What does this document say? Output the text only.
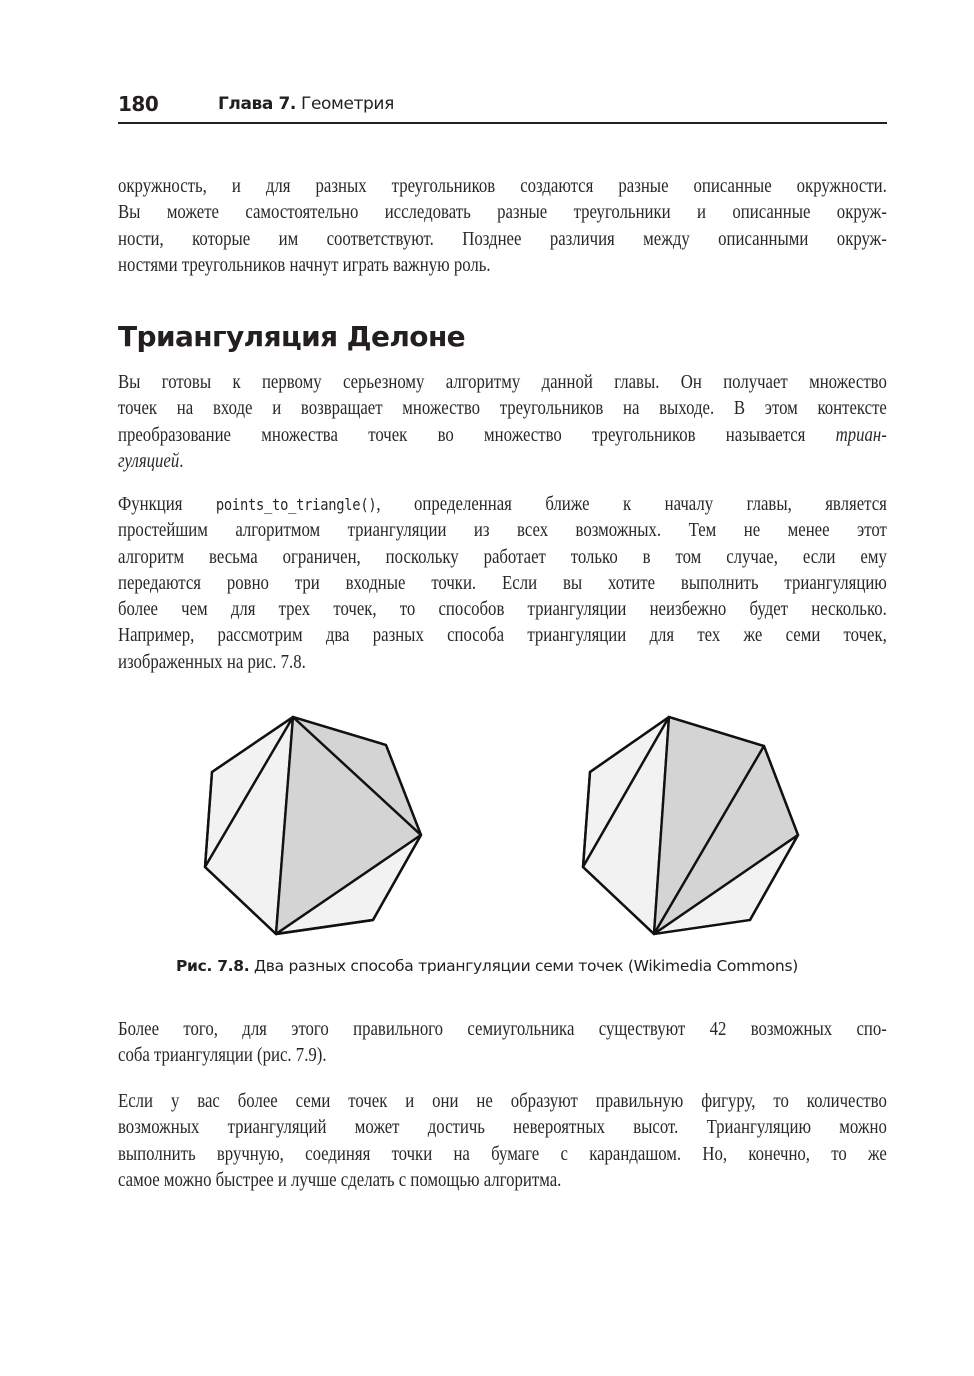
180	Глава 7. Геометрия
окружность, и для разных треугольников создаются разные описанные окружности.
Вы можете самостоятельно исследовать разные треугольники и описанные окруж-
ности, которые им соответствуют. Позднее различия между описанными окруж-
ностями треугольников начнут играть важную роль.
Триангуляция Делоне
Вы готовы к первому серьезному алгоритму данной главы. Он получает множество
точек на входе и возвращает множество треугольников на выходе. В этом контексте
преобразование множества точек во множество треугольников называется триан-
гуляцией.
Функция points_to_triangle(), определенная ближе к началу главы, является
простейшим алгоритмом триангуляции из всех возможных. Тем не менее этот
алгоритм весьма ограничен, поскольку работает только в том случае, если ему
передаются ровно три входные точки. Если вы хотите выполнить триангуляцию
более чем для трех точек, то способов триангуляции неизбежно будет несколько.
Например, рассмотрим два разных способа триангуляции для тех же семи точек,
изображенных на рис. 7.8.
Рис. 7.8. Два разных способа триангуляции семи точек (Wikimedia Commons)
Более того, для этого правильного семиугольника существуют 42 возможных спо-
соба триангуляции (рис. 7.9).
Если у вас более семи точек и они не образуют правильную фигуру, то количество
возможных триангуляций может достичь невероятных высот. Триангуляцию можно
выполнить вручную, соединяя точки на бумаге с карандашом. Но, конечно, то же
самое можно быстрее и лучше сделать с помощью алгоритма.
